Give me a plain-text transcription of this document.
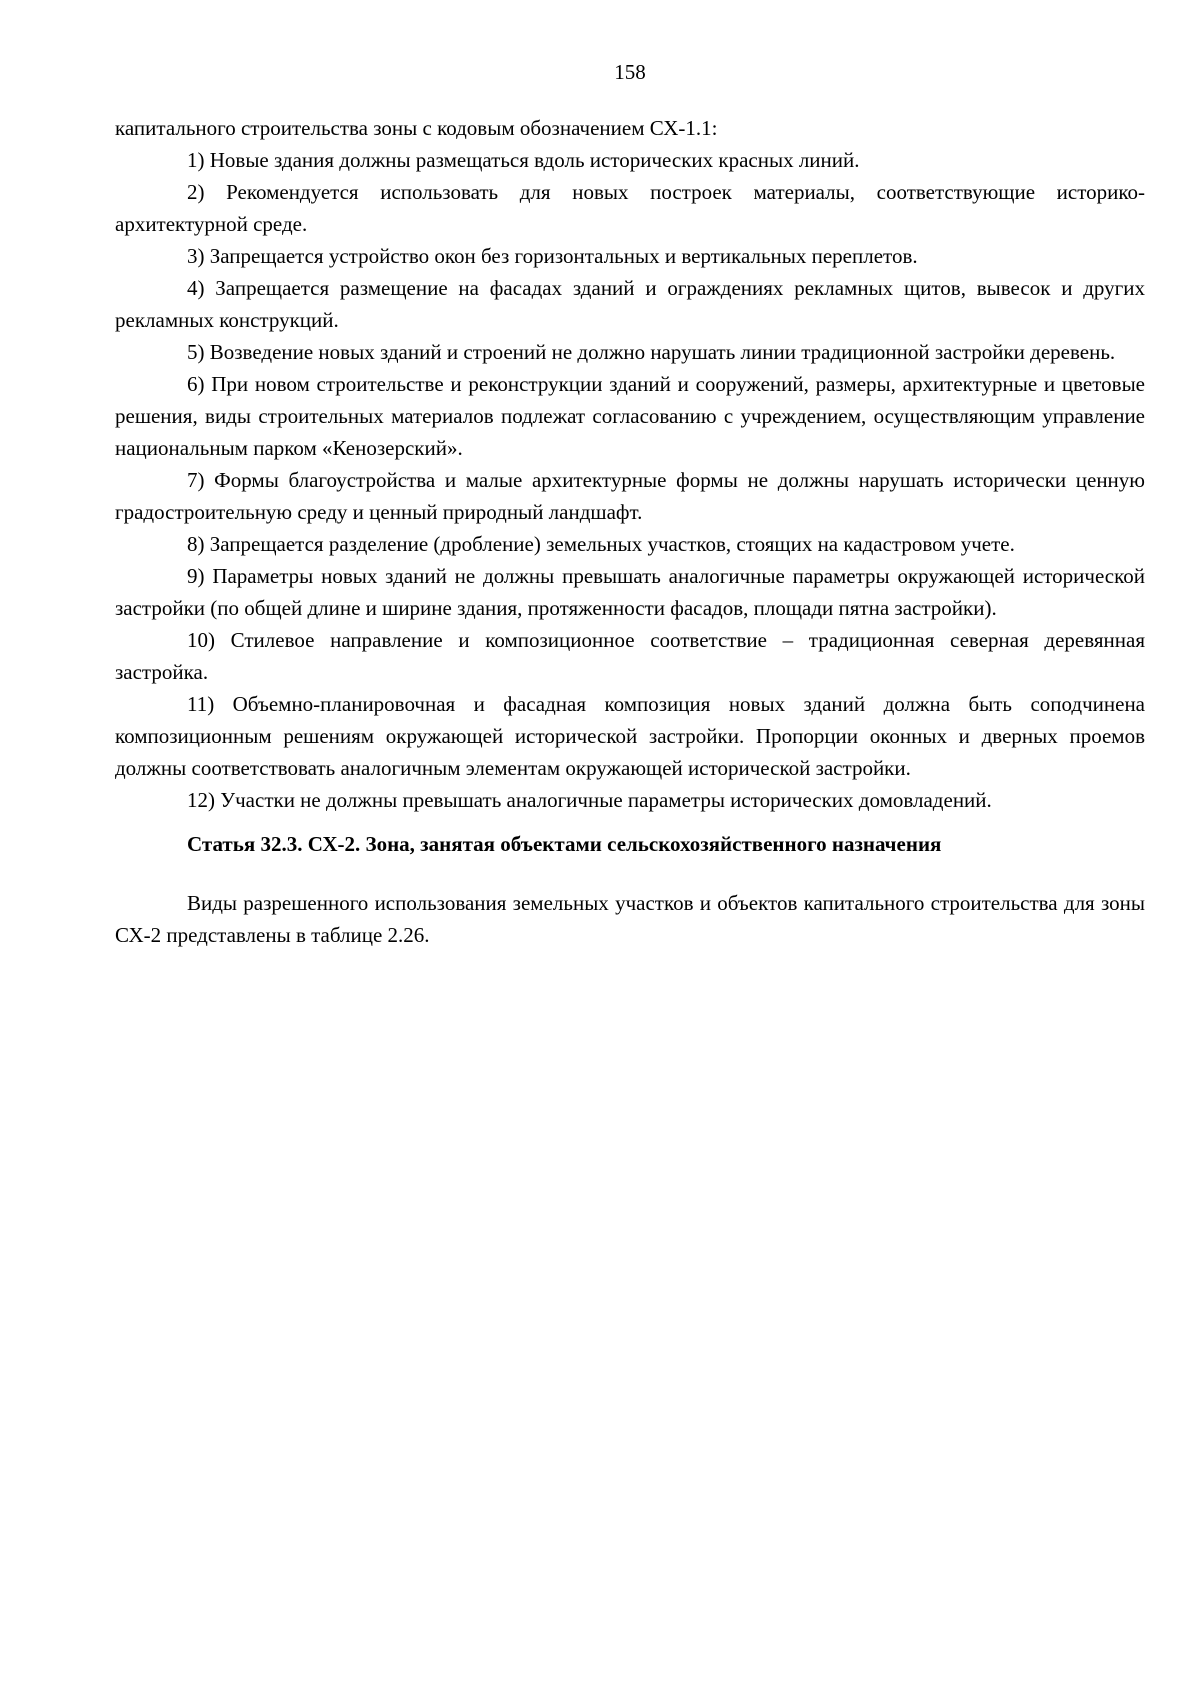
158

капитального строительства зоны с кодовым обозначением СХ-1.1:

1) Новые здания должны размещаться вдоль исторических красных линий.

2) Рекомендуется использовать для новых построек материалы, соответствующие историко-архитектурной среде.

3) Запрещается устройство окон без горизонтальных и вертикальных переплетов.

4) Запрещается размещение на фасадах зданий и ограждениях рекламных щитов, вывесок и других рекламных конструкций.

5) Возведение новых зданий и строений не должно нарушать линии традиционной застройки деревень.

6) При новом строительстве и реконструкции зданий и сооружений, размеры, архитектурные и цветовые решения, виды строительных материалов подлежат согласованию с учреждением, осуществляющим управление национальным парком «Кенозерский».

7) Формы благоустройства и малые архитектурные формы не должны нарушать исторически ценную градостроительную среду и ценный природный ландшафт.

8) Запрещается разделение (дробление) земельных участков, стоящих на кадастровом учете.

9) Параметры новых зданий не должны превышать аналогичные параметры окружающей исторической застройки (по общей длине и ширине здания, протяженности фасадов, площади пятна застройки).

10) Стилевое направление и композиционное соответствие – традиционная северная деревянная застройка.

11) Объемно-планировочная и фасадная композиция новых зданий должна быть соподчинена композиционным решениям окружающей исторической застройки. Пропорции оконных и дверных проемов должны соответствовать аналогичным элементам окружающей исторической застройки.

12) Участки не должны превышать аналогичные параметры исторических домовладений.

Статья 32.3. СХ-2. Зона, занятая объектами сельскохозяйственного назначения

Виды разрешенного использования земельных участков и объектов капитального строительства для зоны СХ-2 представлены в таблице 2.26.
